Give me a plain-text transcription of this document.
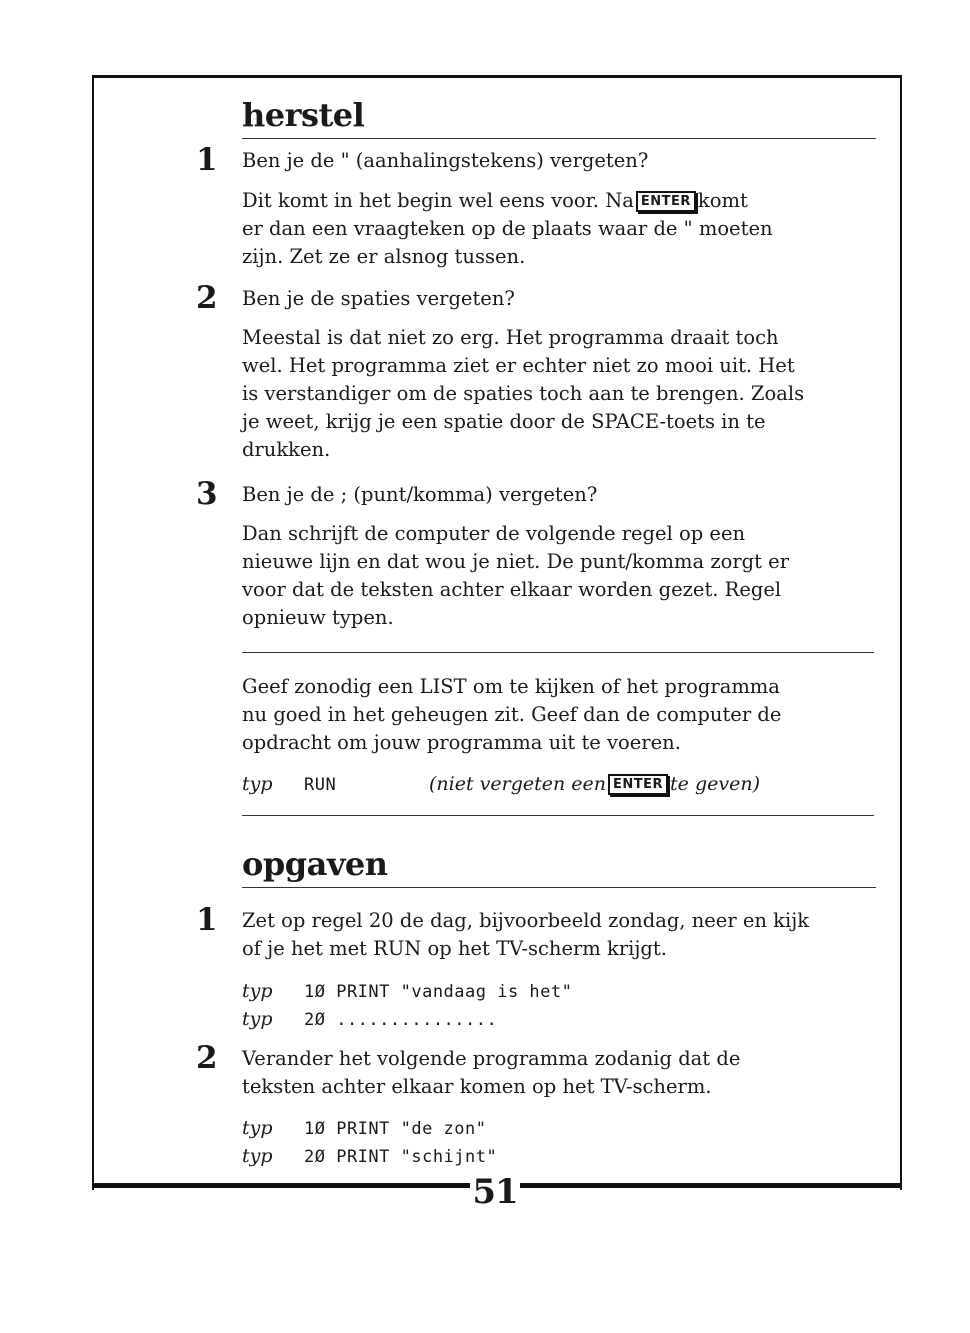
51
herstel
1 Ben je de " (aanhalingstekens) vergeten?
Dit komt in het begin wel eens voor. Na ENTER komt
er dan een vraagteken op de plaats waar de " moeten
zijn. Zet ze er alsnog tussen.
2 Ben je de spaties vergeten?
Meestal is dat niet zo erg. Het programma draait toch
wel. Het programma ziet er echter niet zo mooi uit. Het
is verstandiger om de spaties toch aan te brengen. Zoals
je weet, krijg je een spatie door de SPACE-toets in te
drukken.
3 Ben je de ; (punt/komma) vergeten?
Dan schrijft de computer de volgende regel op een
nieuwe lijn en dat wou je niet. De punt/komma zorgt er
voor dat de teksten achter elkaar worden gezet. Regel
opnieuw typen.
Geef zonodig een LIST om te kijken of het programma
nu goed in het geheugen zit. Geef dan de computer de
opdracht om jouw programma uit te voeren.
typ RUN	(niet vergeten een ENTER te geven)
opgaven
1 Zet op regel 20 de dag, bijvoorbeeld zondag, neer en kijk
of je het met RUN op het TV-scherm krijgt.
typ 1Ø PRINT "vandaag is het"
typ 2Ø ...............
2 Verander het volgende programma zodanig dat de
teksten achter elkaar komen op het TV-scherm.
typ 1Ø PRINT "de zon"
typ 2Ø PRINT "schijnt"
